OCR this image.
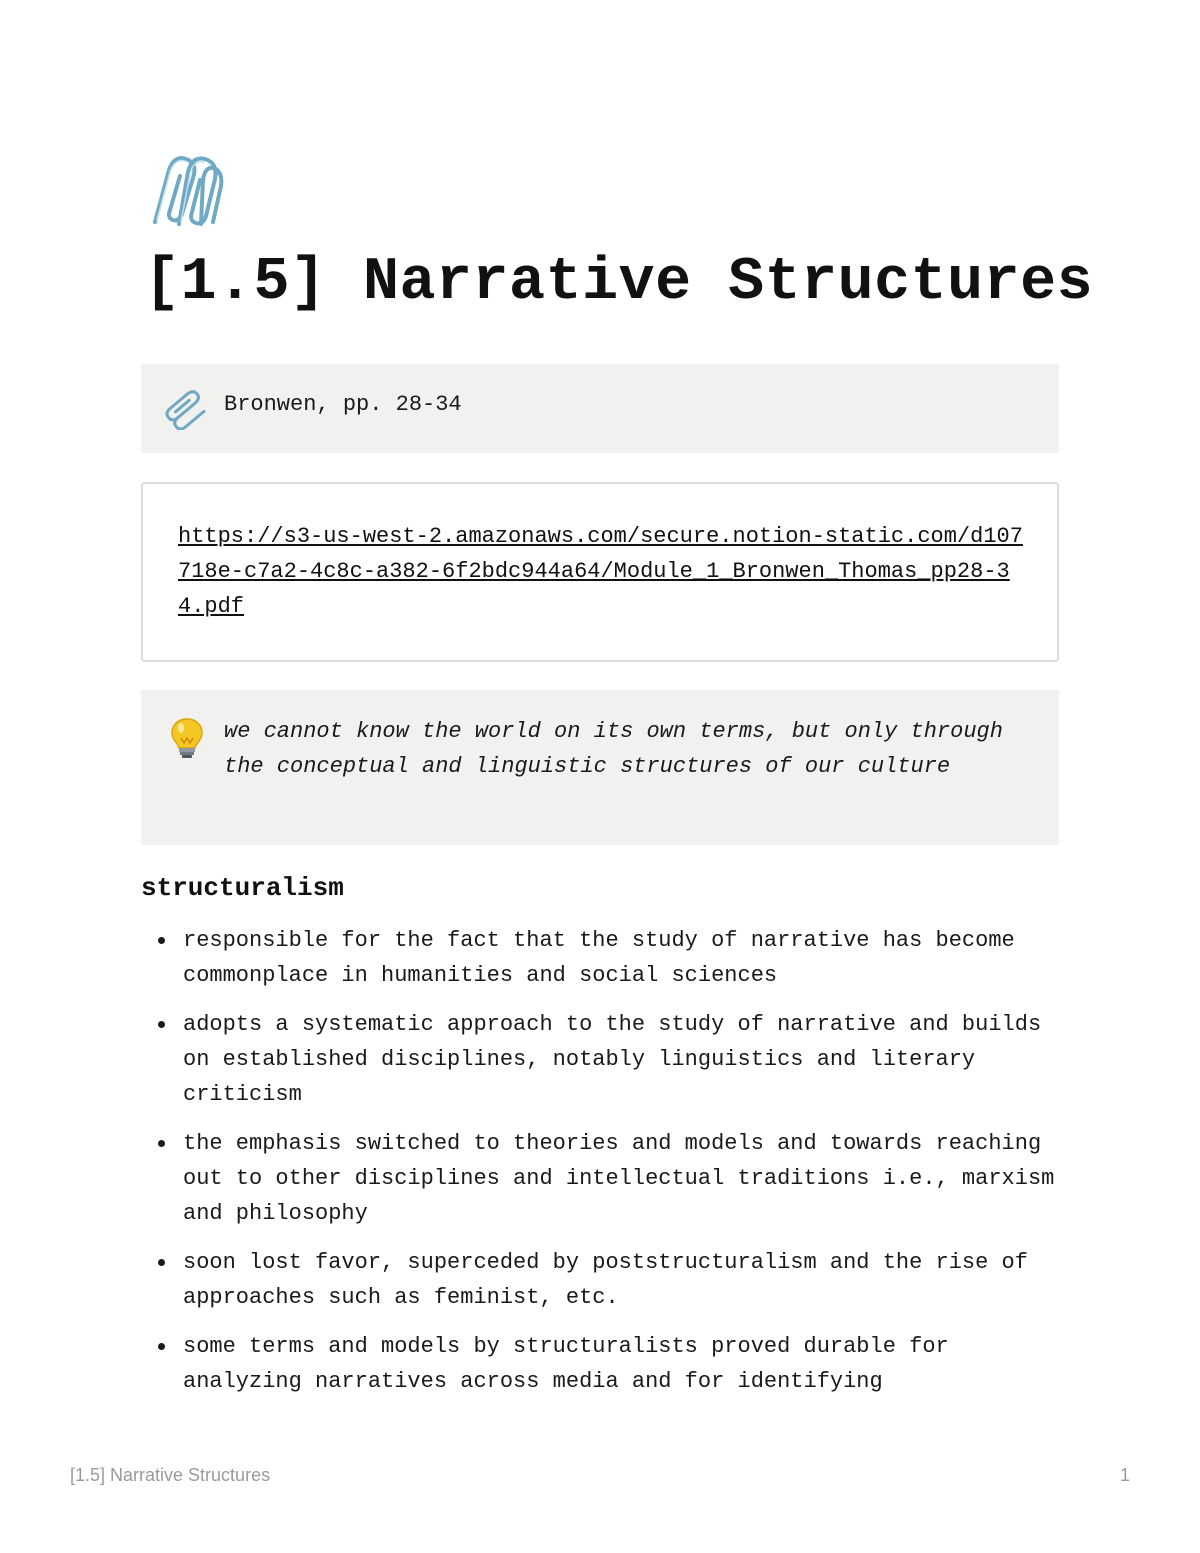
[1.5] Narrative Structures
Bronwen, pp. 28-34
https://s3-us-west-2.amazonaws.com/secure.notion-static.com/d107718e-c7a2-4c8c-a382-6f2bdc944a64/Module_1_Bronwen_Thomas_pp28-34.pdf
we cannot know the world on its own terms, but only through the conceptual and linguistic structures of our culture
structuralism
responsible for the fact that the study of narrative has become commonplace in humanities and social sciences
adopts a systematic approach to the study of narrative and builds on established disciplines, notably linguistics and literary criticism
the emphasis switched to theories and models and towards reaching out to other disciplines and intellectual traditions i.e., marxism and philosophy
soon lost favor, superceded by poststructuralism and the rise of approaches such as feminist, etc.
some terms and models by structuralists proved durable for analyzing narratives across media and for identifying
[1.5] Narrative Structures	1
